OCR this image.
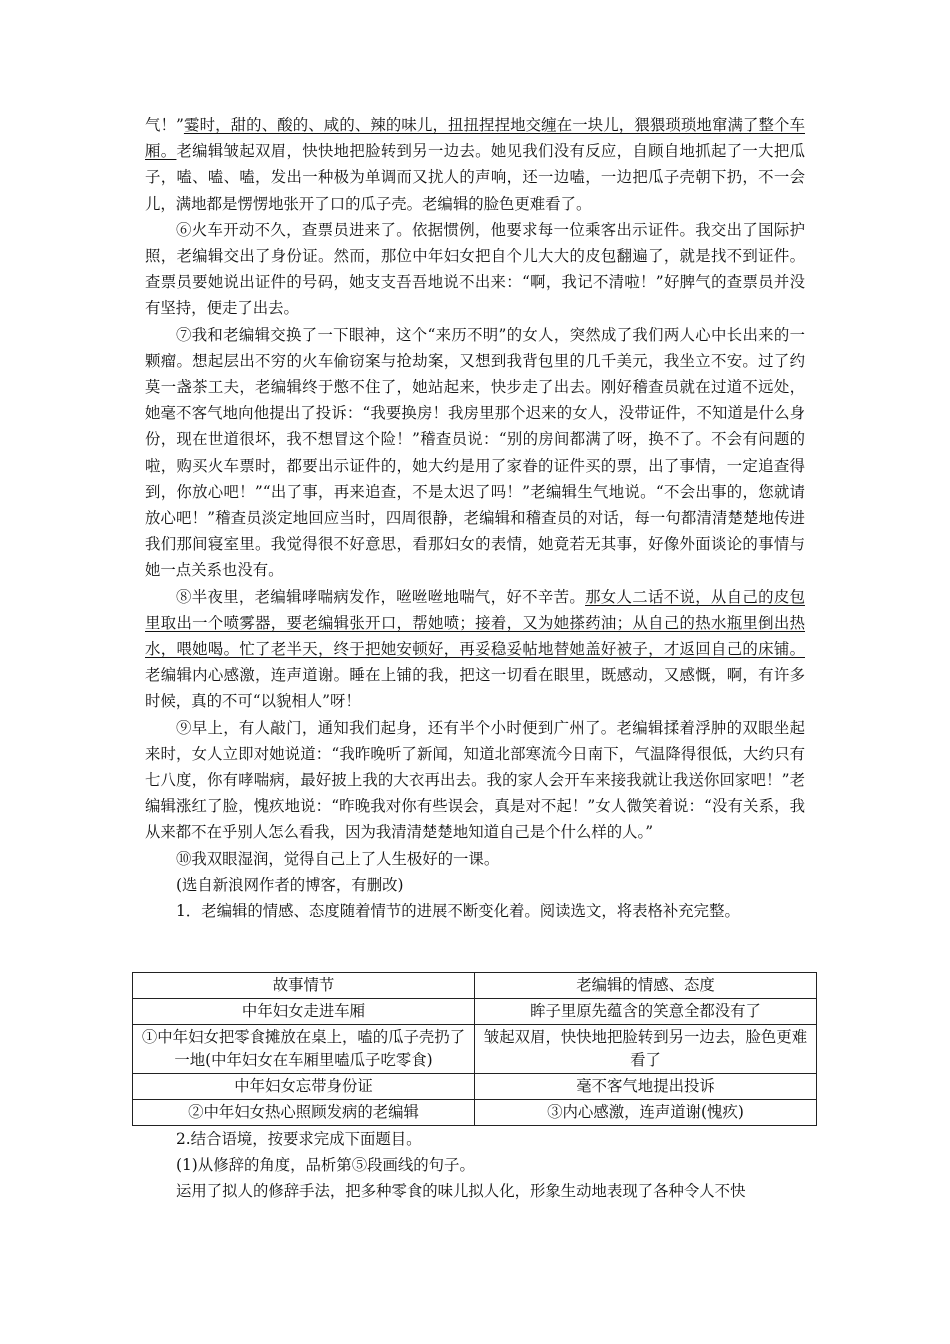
气！”霎时，甜的、酸的、咸的、辣的味儿，扭扭捏捏地交缠在一块儿，猥猥琐琐地窜满了整个车厢。老编辑皱起双眉，快快地把脸转到另一边去。她见我们没有反应，自顾自地抓起了一大把瓜子，嗑、嗑、嗑，发出一种极为单调而又扰人的声响，还一边嗑，一边把瓜子壳朝下扔，不一会儿，满地都是愣愣地张开了口的瓜子壳。老编辑的脸色更难看了。

⑥火车开动不久，查票员进来了。依据惯例，他要求每一位乘客出示证件。我交出了国际护照，老编辑交出了身份证。然而，那位中年妇女把自个儿大大的皮包翻遍了，就是找不到证件。查票员要她说出证件的号码，她支支吾吾地说不出来：“啊，我记不清啦！”好脾气的查票员并没有坚持，便走了出去。

⑦我和老编辑交换了一下眼神，这个“来历不明”的女人，突然成了我们两人心中长出来的一颗瘤。想起层出不穷的火车偷窃案与抢劫案，又想到我背包里的几千美元，我坐立不安。过了约莫一盏茶工夫，老编辑终于憋不住了，她站起来，快步走了出去。刚好稽查员就在过道不远处，她毫不客气地向他提出了投诉：“我要换房！我房里那个迟来的女人，没带证件，不知道是什么身份，现在世道很坏，我不想冒这个险！”稽查员说：“别的房间都满了呀，换不了。不会有问题的啦，购买火车票时，都要出示证件的，她大约是用了家眷的证件买的票，出了事情，一定追查得到，你放心吧！”“出了事，再来追查，不是太迟了吗！”老编辑生气地说。“不会出事的，您就请放心吧！”稽查员淡定地回应当时，四周很静，老编辑和稽查员的对话，每一句都清清楚楚地传进我们那间寝室里。我觉得很不好意思，看那妇女的表情，她竟若无其事，好像外面谈论的事情与她一点关系也没有。

⑧半夜里，老编辑哮喘病发作，咝咝咝地喘气，好不辛苦。那女人二话不说，从自己的皮包里取出一个喷雾器，要老编辑张开口，帮她喷；接着，又为她搽药油；从自己的热水瓶里倒出热水，喂她喝。忙了老半天，终于把她安顿好，再妥稳妥帖地替她盖好被子，才返回自己的床铺。老编辑内心感激，连声道谢。睡在上铺的我，把这一切看在眼里，既感动，又感慨，啊，有许多时候，真的不可“以貌相人”呀！

⑨早上，有人敲门，通知我们起身，还有半个小时便到广州了。老编辑揉着浮肿的双眼坐起来时，女人立即对她说道：“我昨晚听了新闻，知道北部寒流今日南下，气温降得很低，大约只有七八度，你有哮喘病，最好披上我的大衣再出去。我的家人会开车来接我就让我送你回家吧！”老编辑涨红了脸，愧疚地说：“昨晚我对你有些误会，真是对不起！”女人微笑着说：“没有关系，我从来都不在乎别人怎么看我，因为我清清楚楚地知道自己是个什么样的人。”

⑩我双眼湿润，觉得自己上了人生极好的一课。

(选自新浪网作者的博客，有删改)

1．老编辑的情感、态度随着情节的进展不断变化着。阅读选文，将表格补充完整。

故事情节	老编辑的情感、态度
中年妇女走进车厢	眸子里原先蕴含的笑意全都没有了
①中年妇女把零食摊放在桌上，嗑的瓜子壳扔了一地(中年妇女在车厢里嗑瓜子吃零食)	皱起双眉，快快地把脸转到另一边去，脸色更难看了
中年妇女忘带身份证	毫不客气地提出投诉
②中年妇女热心照顾发病的老编辑	③内心感激，连声道谢(愧疚)

2.结合语境，按要求完成下面题目。

(1)从修辞的角度，品析第⑤段画线的句子。

运用了拟人的修辞手法，把多种零食的味儿拟人化，形象生动地表现了各种令人不快
